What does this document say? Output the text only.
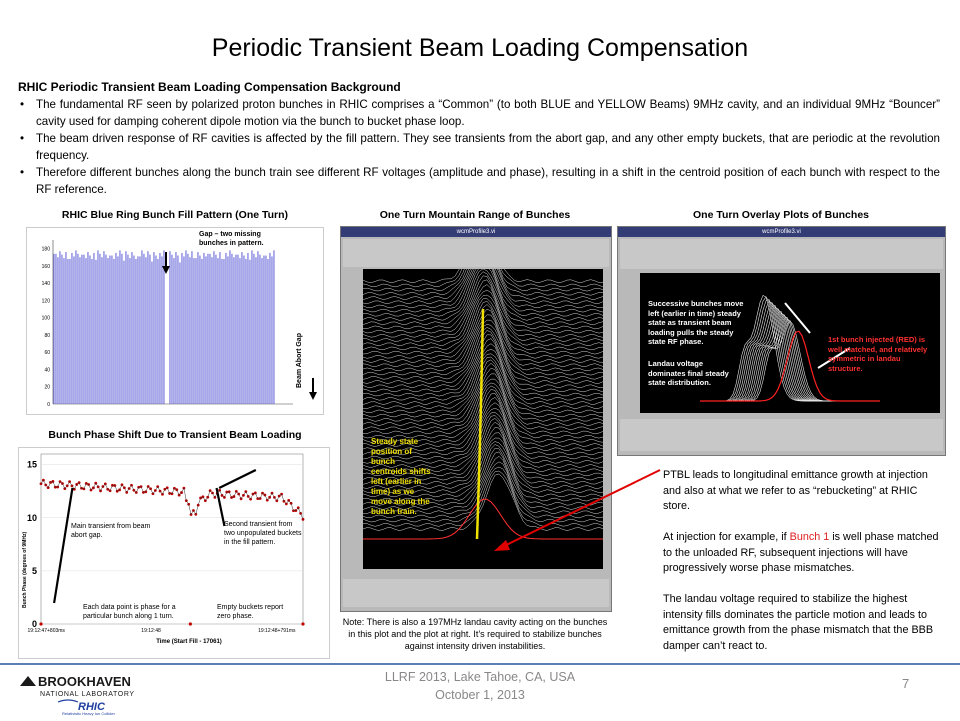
Periodic Transient Beam Loading Compensation
RHIC Periodic Transient Beam Loading Compensation Background
• The fundamental RF seen by polarized proton bunches in RHIC comprises a “Common” (to both BLUE and YELLOW Beams) 9MHz cavity, and an individual 9MHz “Bouncer” cavity used for damping coherent dipole motion via the bunch to bucket phase loop.
• The beam driven response of RF cavities is affected by the fill pattern. They see transients from the abort gap, and any other empty buckets, that are periodic at the revolution frequency.
• Therefore different bunches along the bunch train see different RF voltages (amplitude and phase), resulting in a shift in the centroid position of each bunch with respect to the RF reference.
RHIC Blue Ring Bunch Fill Pattern (One Turn)
Bunch Phase Shift Due to Transient Beam Loading
One Turn Mountain Range of Bunches	One Turn Overlay Plots of Bunches
0
20
40
60
80
100
120
140
160
180
Gap – two missing bunches in pattern.
Beam Abort Gap
0
5
10
15
19:12:47+803ms	19:12:48	19:12:48+791ms
Main transient from beam abort gap.
Second transient from two unpopulated buckets in the fill pattern.
Each data point is phase for a particular bunch along 1 turn.
Empty buckets report zero phase.
Time (Start Fill - 17061)
Bunch Phase (degrees of 9MHz)
wcmProfile3.vi
Steady state position of bunch centroids shifts left (earlier in time) as we move along the bunch train.
wcmProfile3.vi
Successive bunches move left (earlier in time) steady state as transient beam loading pulls the steady state RF phase.
Landau voltage dominates final steady state distribution.
1st bunch injected (RED) is well matched, and relatively symmetric in landau structure.
Note: There is also a 197MHz landau cavity acting on the bunches in this plot and the plot at right. It’s required to stabilize bunches against intensity driven instabilities.

PTBL leads to longitudinal emittance growth at injection and also at what we refer to as “rebucketing” at RHIC store.

At injection for example, if Bunch 1 is well phase matched to the unloaded RF, subsequent injections will have progressively worse phase mismatches.

The landau voltage required to stabilize the highest intensity fills dominates the particle motion and leads to emittance growth from the phase mismatch that the BBB damper can’t react to.

LLRF 2013, Lake Tahoe, CA, USA
October 1, 2013
7
BROOKHAVEN
NATIONAL LABORATORY
RHIC
Relativistic Heavy Ion Collider
